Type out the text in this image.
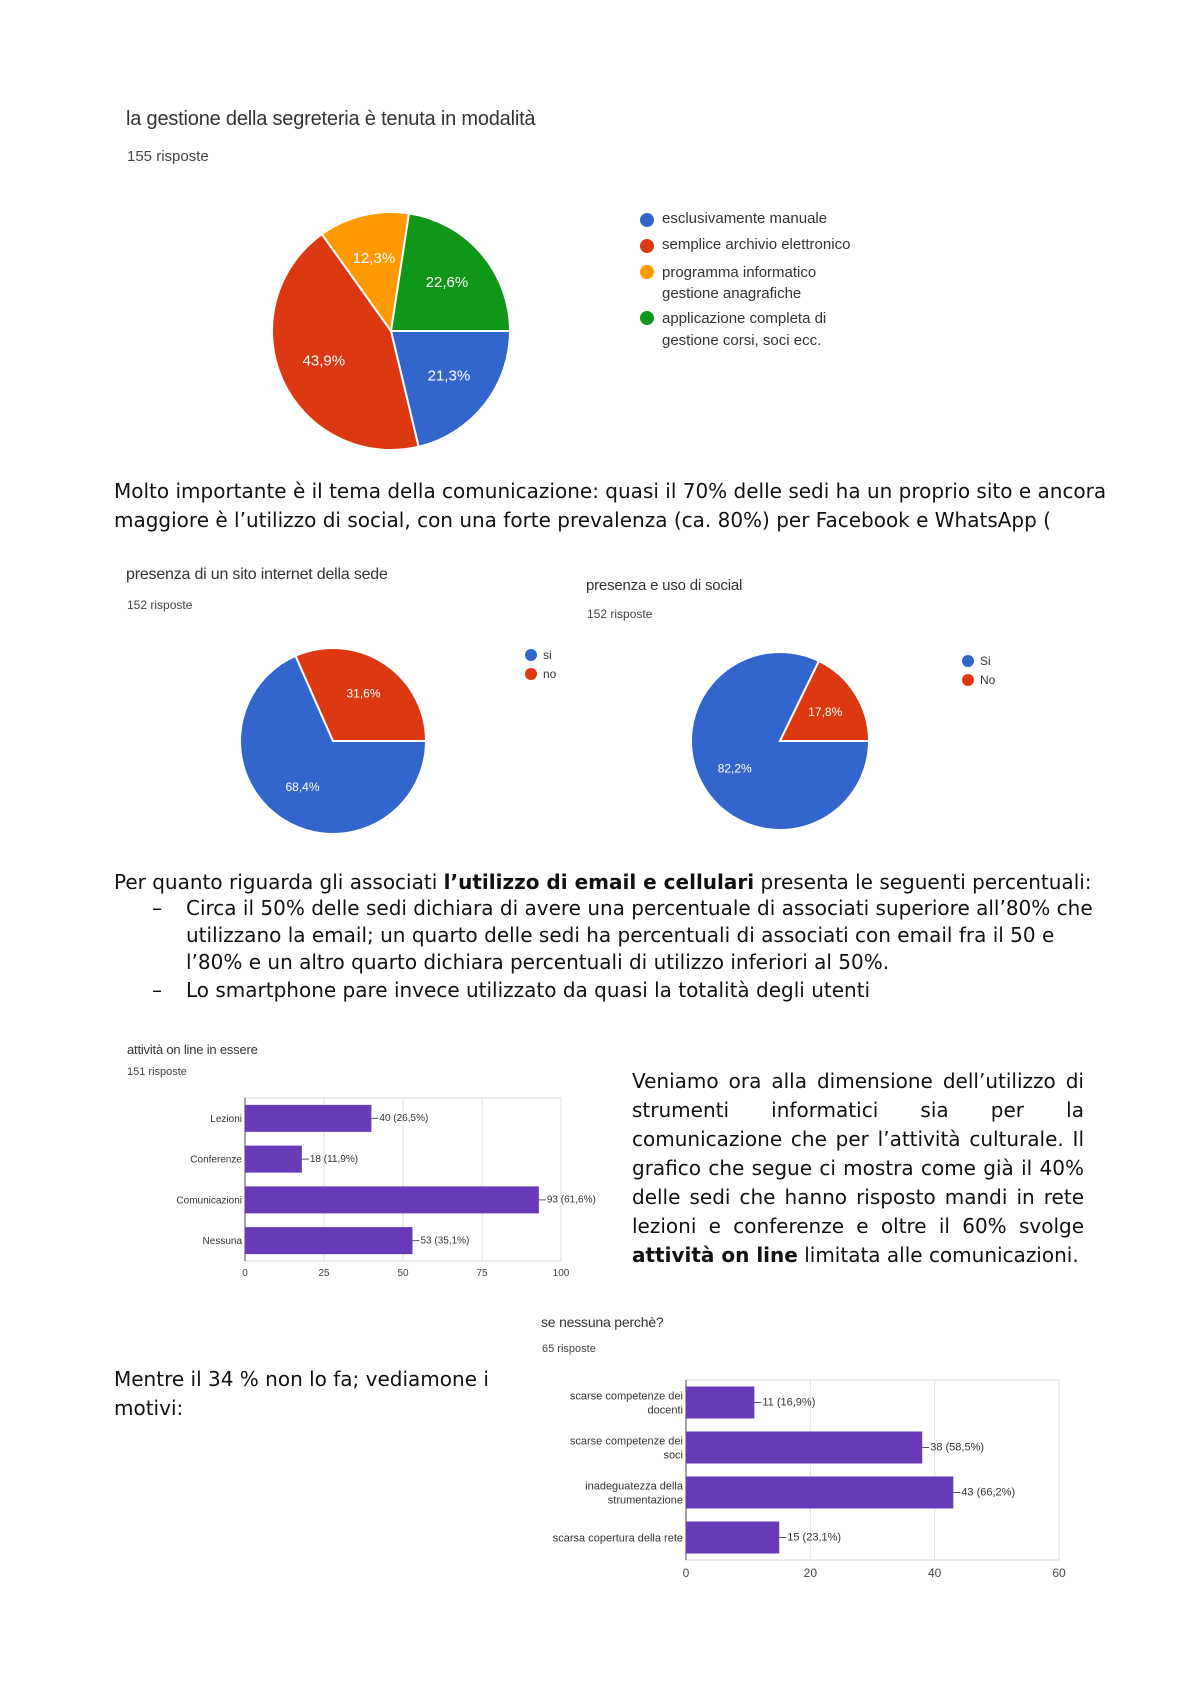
la gestione della segreteria è tenuta in modalità
155 risposte
21,3%
43,9%
12,3%
22,6%
esclusivamente manuale
semplice archivio elettronico
programma informatico gestione anagrafiche
applicazione completa di gestione corsi, soci ecc.
Molto importante è il tema della comunicazione: quasi il 70% delle sedi ha un proprio sito e ancora
maggiore è l’utilizzo di social, con una forte prevalenza (ca. 80%) per Facebook e WhatsApp (
presenza di un sito internet della sede
152 risposte
68,4%
31,6%
si
no
presenza e uso di social
152 risposte
82,2%
17,8%
Si
No
Per quanto riguarda gli associati l’utilizzo di email e cellulari presenta le seguenti percentuali:
– Circa il 50% delle sedi dichiara di avere una percentuale di associati superiore all’80% che utilizzano la email; un quarto delle sedi ha percentuali di associati con email fra il 50 e l’80% e un altro quarto dichiara percentuali di utilizzo inferiori al 50%.
– Lo smartphone pare invece utilizzato da quasi la totalità degli utenti
attività on line in essere
151 risposte
0	25	50	75	100
40 (26,5%)
Lezioni
18 (11,9%)
Conferenze
93 (61,6%)
Comunicazioni
53 (35,1%)
Nessuna
Veniamo ora alla dimensione dell’utilizzo di strumenti informatici sia per la comunicazione che per l’attività culturale. Il grafico che segue ci mostra come già il 40% delle sedi che hanno risposto mandi in rete lezioni e conferenze e oltre il 60% svolge attività on line limitata alle comunicazioni.
se nessuna perchè?
65 risposte
0	20	40	60
11 (16,9%)
scarse competenze dei docenti
38 (58,5%)
scarse competenze dei soci
43 (66,2%)
inadeguatezza della strumentazione
15 (23,1%)
scarsa copertura della rete
Mentre il 34 % non lo fa; vediamone i motivi:
